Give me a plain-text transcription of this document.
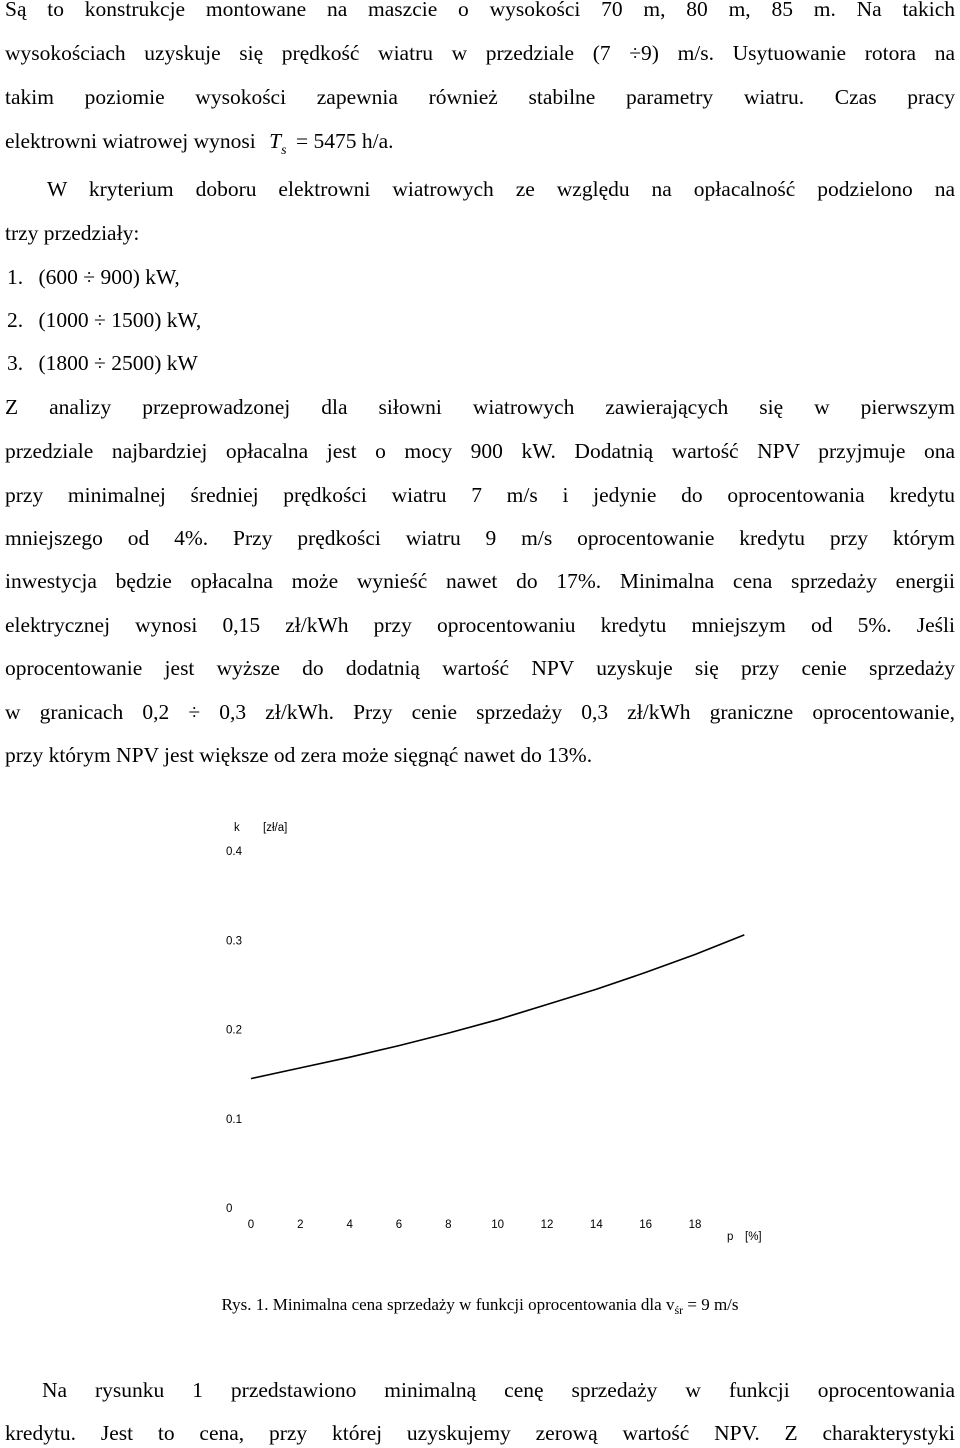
Są to konstrukcje montowane na maszcie o wysokości 70 m, 80 m, 85 m. Na takich
wysokościach uzyskuje się prędkość wiatru w przedziale (7 ÷9) m/s. Usytuowanie rotora na
takim poziomie wysokości zapewnia również stabilne parametry wiatru. Czas pracy
elektrowni wiatrowej wynosi $T_s = 5475$ h/a.
W kryterium doboru elektrowni wiatrowych ze względu na opłacalność podzielono na
trzy przedziały:
1. (600 ÷ 900) kW,
2. (1000 ÷ 1500) kW,
3. (1800 ÷ 2500) kW
Z analizy przeprowadzonej dla siłowni wiatrowych zawierających się w pierwszym
przedziale najbardziej opłacalna jest o mocy 900 kW. Dodatnią wartość NPV przyjmuje ona
przy minimalnej średniej prędkości wiatru 7 m/s i jedynie do oprocentowania kredytu
mniejszego od 4%. Przy prędkości wiatru 9 m/s oprocentowanie kredytu przy którym
inwestycja będzie opłacalna może wynieść nawet do 17%. Minimalna cena sprzedaży energii
elektrycznej wynosi 0,15 zł/kWh przy oprocentowaniu kredytu mniejszym od 5%. Jeśli
oprocentowanie jest wyższe do dodatnią wartość NPV uzyskuje się przy cenie sprzedaży
w granicach 0,2 ÷ 0,3 zł/kWh. Przy cenie sprzedaży 0,3 zł/kWh graniczne oprocentowanie,
przy którym NPV jest większe od zera może sięgnąć nawet do 13%.
k [zł/a]
0
0.1
0.2
0.3
0.4
0	2	4	6	8	10	12	14	16	18
p [%]
Rys. 1. Minimalna cena sprzedaży w funkcji oprocentowania dla $v_{śr} = 9$ m/s
Na rysunku 1 przedstawiono minimalną cenę sprzedaży w funkcji oprocentowania
kredytu. Jest to cena, przy której uzyskujemy zerową wartość NPV. Z charakterystyki
